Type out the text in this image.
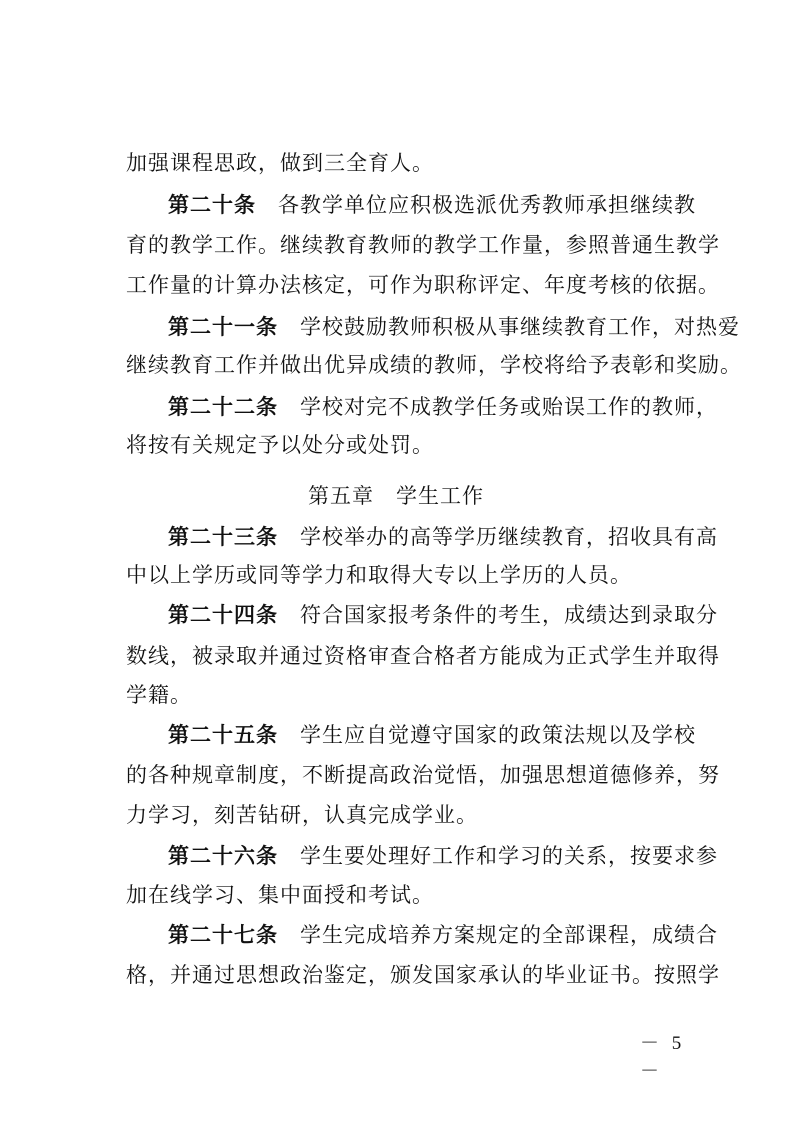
加强课程思政，做到三全育人。
第二十条 各教学单位应积极选派优秀教师承担继续教
育的教学工作。继续教育教师的教学工作量，参照普通生教学
工作量的计算办法核定，可作为职称评定、年度考核的依据。
第二十一条 学校鼓励教师积极从事继续教育工作，对热爱
继续教育工作并做出优异成绩的教师，学校将给予表彰和奖励。
第二十二条 学校对完不成教学任务或贻误工作的教师，
将按有关规定予以处分或处罚。
第五章 学生工作
第二十三条 学校举办的高等学历继续教育，招收具有高
中以上学历或同等学力和取得大专以上学历的人员。
第二十四条 符合国家报考条件的考生，成绩达到录取分
数线，被录取并通过资格审查合格者方能成为正式学生并取得
学籍。
第二十五条 学生应自觉遵守国家的政策法规以及学校
的各种规章制度，不断提高政治觉悟，加强思想道德修养，努
力学习，刻苦钻研，认真完成学业。
第二十六条 学生要处理好工作和学习的关系，按要求参
加在线学习、集中面授和考试。
第二十七条 学生完成培养方案规定的全部课程，成绩合
格，并通过思想政治鉴定，颁发国家承认的毕业证书。按照学
－ 5 －
